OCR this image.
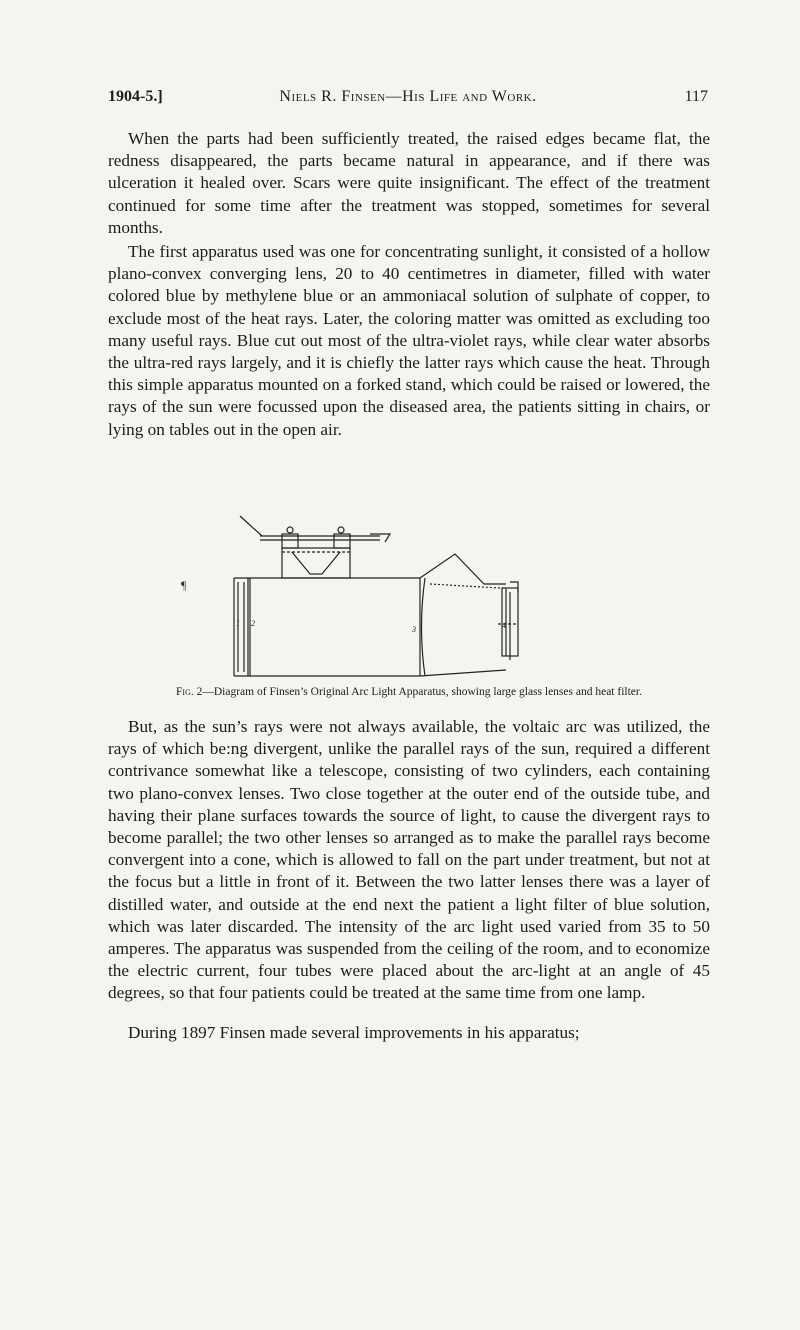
1904-5.]	Niels R. Finsen—His Life and Work.	117

When the parts had been sufficiently treated, the raised edges became flat, the redness disappeared, the parts became natural in appearance, and if there was ulceration it healed over. Scars were quite insignificant. The effect of the treatment continued for some time after the treatment was stopped, sometimes for several months.

The first apparatus used was one for concentrating sunlight, it consisted of a hollow plano-convex converging lens, 20 to 40 centimetres in diameter, filled with water colored blue by methylene blue or an ammoniacal solution of sulphate of copper, to exclude most of the heat rays. Later, the coloring matter was omitted as excluding too many useful rays. Blue cut out most of the ultra-violet rays, while clear water absorbs the ultra-red rays largely, and it is chiefly the latter rays which cause the heat. Through this simple apparatus mounted on a forked stand, which could be raised or lowered, the rays of the sun were focussed upon the diseased area, the patients sitting in chairs, or lying on tables out in the open air.

¶
1 2
3	4

Fig. 2—Diagram of Finsen’s Original Arc Light Apparatus, showing large glass lenses and heat filter.

But, as the sun’s rays were not always available, the voltaic arc was utilized, the rays of which be:ng divergent, unlike the parallel rays of the sun, required a different contrivance somewhat like a telescope, consisting of two cylinders, each containing two plano-convex lenses. Two close together at the outer end of the outside tube, and having their plane surfaces towards the source of light, to cause the divergent rays to become parallel; the two other lenses so arranged as to make the parallel rays become convergent into a cone, which is allowed to fall on the part under treatment, but not at the focus but a little in front of it. Between the two latter lenses there was a layer of distilled water, and outside at the end next the patient a light filter of blue solution, which was later discarded. The intensity of the arc light used varied from 35 to 50 amperes. The apparatus was suspended from the ceiling of the room, and to economize the electric current, four tubes were placed about the arc-light at an angle of 45 degrees, so that four patients could be treated at the same time from one lamp.

During 1897 Finsen made several improvements in his apparatus;
